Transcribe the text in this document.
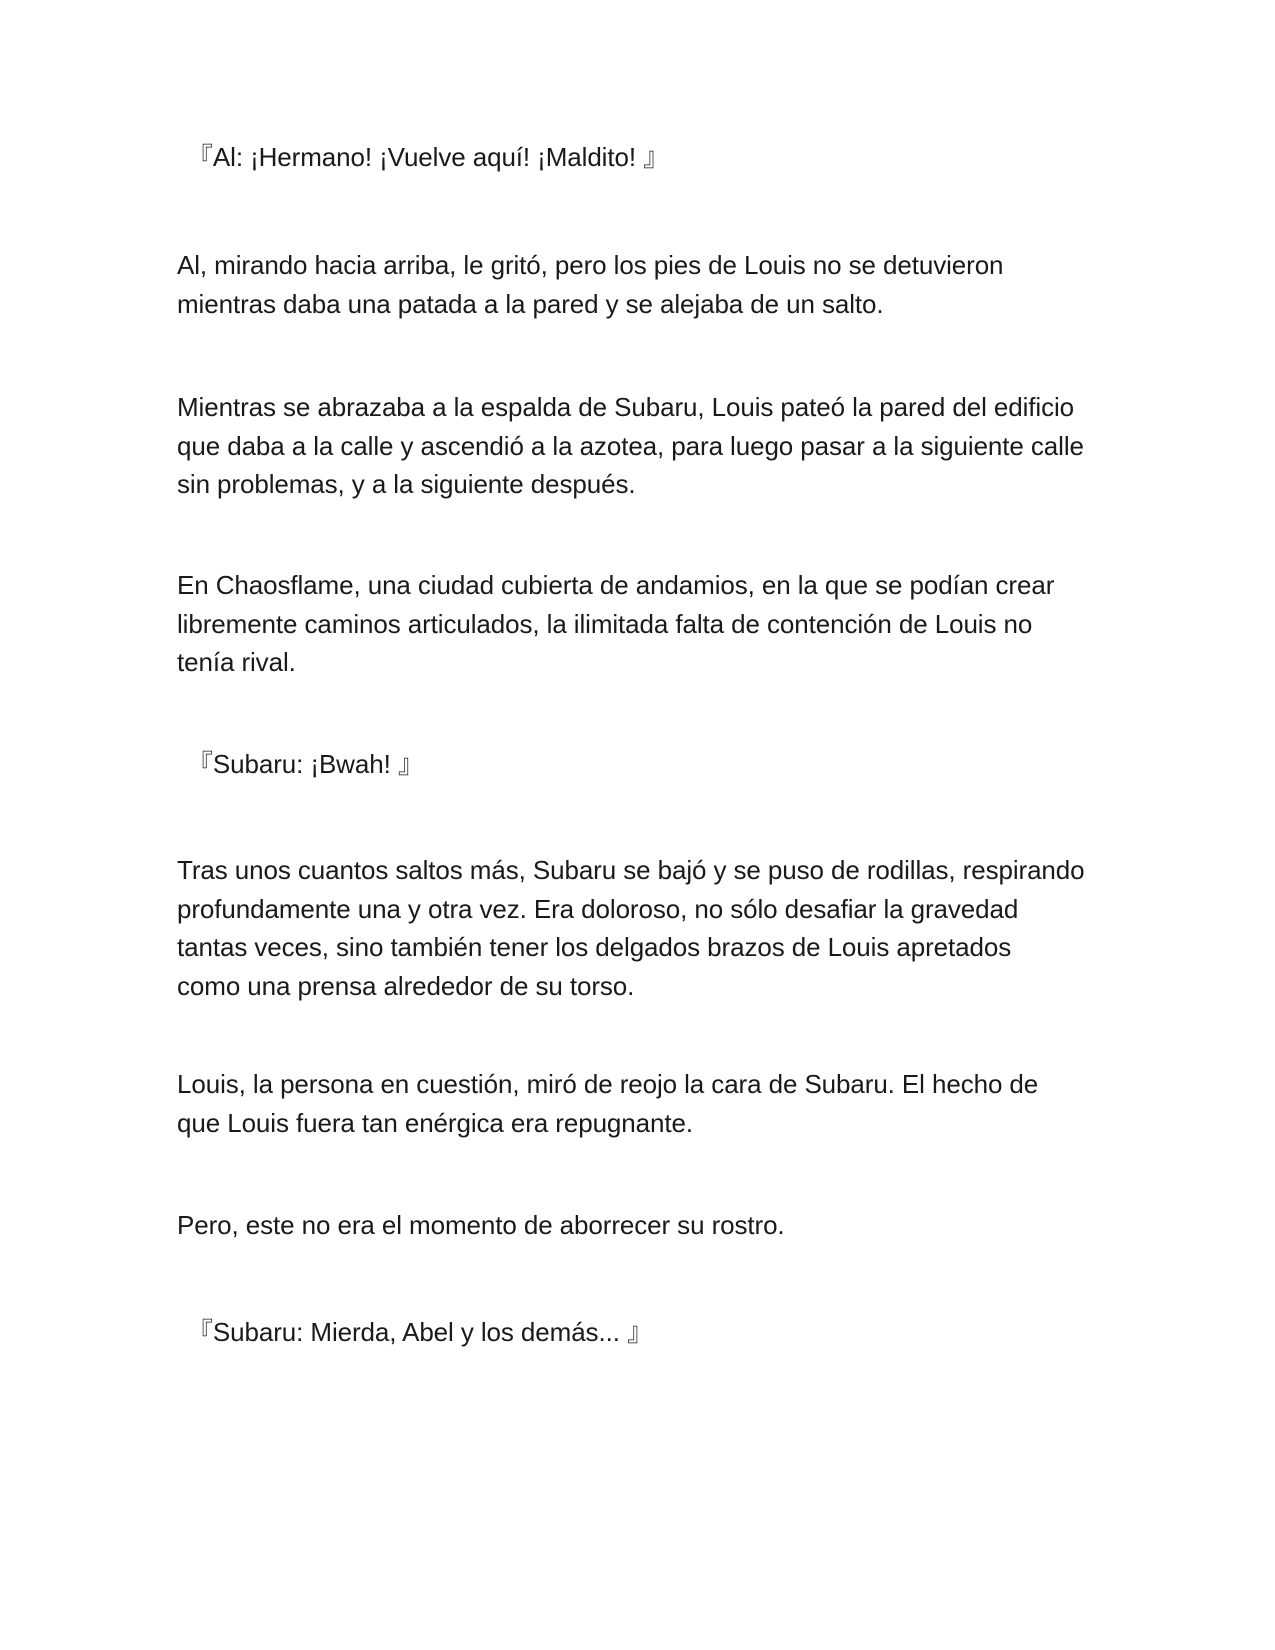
『Al: ¡Hermano! ¡Vuelve aquí! ¡Maldito! 』

Al, mirando hacia arriba, le gritó, pero los pies de Louis no se detuvieron
mientras daba una patada a la pared y se alejaba de un salto.

Mientras se abrazaba a la espalda de Subaru, Louis pateó la pared del edificio
que daba a la calle y ascendió a la azotea, para luego pasar a la siguiente calle
sin problemas, y a la siguiente después.

En Chaosflame, una ciudad cubierta de andamios, en la que se podían crear
libremente caminos articulados, la ilimitada falta de contención de Louis no
tenía rival.

『Subaru: ¡Bwah! 』

Tras unos cuantos saltos más, Subaru se bajó y se puso de rodillas, respirando
profundamente una y otra vez. Era doloroso, no sólo desafiar la gravedad
tantas veces, sino también tener los delgados brazos de Louis apretados
como una prensa alrededor de su torso.

Louis, la persona en cuestión, miró de reojo la cara de Subaru. El hecho de
que Louis fuera tan enérgica era repugnante.

Pero, este no era el momento de aborrecer su rostro.

『Subaru: Mierda, Abel y los demás... 』
